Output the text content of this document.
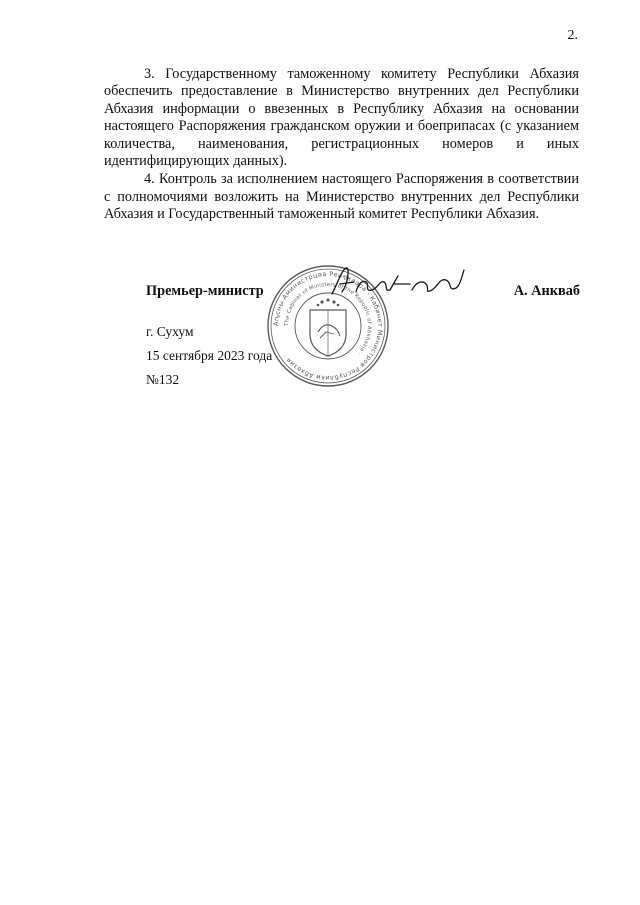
2.

3. Государственному таможенному комитету Республики Абхазия обеспечить предоставление в Министерство внутренних дел Республики Абхазия информации о ввезенных в Республику Абхазия на основании настоящего Распоряжения гражданском оружии и боеприпасах (с указанием количества, наименования, регистрационных номеров и иных идентифицирующих данных).

4. Контроль за исполнением настоящего Распоряжения в соответствии с полномочиями возложить на Министерство внутренних дел Республики Абхазия и Государственный таможенный комитет Республики Абхазия.

Аҧсны Аминистрцәа Реиҿкаара · Кабинет Министров Республики Абхазия ·
The Cabinet of Ministers of the Republic of Abkhazia ·
Премьер-министр	А. Анкваб
г. Сухум
15 сентября 2023 года
№132
